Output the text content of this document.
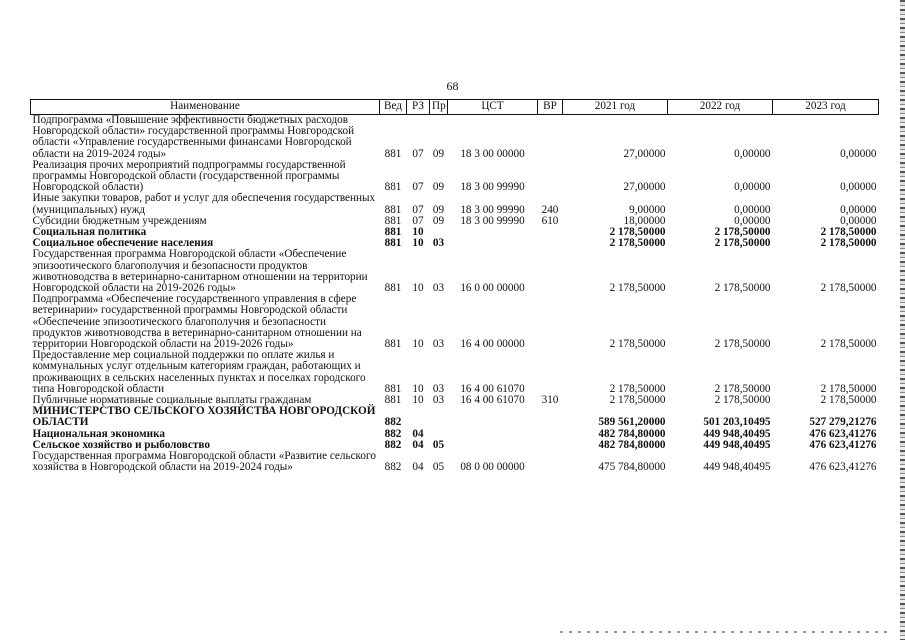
68
Наименование	Вед	РЗ	Пр	ЦСТ	ВР	2021 год	2022 год	2023 год
Подпрограмма «Повышение эффективности бюджетных расходов Новгородской области» государственной программы Новгородской области «Управление государственными финансами Новгородской области на 2019-2024 годы»	881	07	09	18 3 00 00000		27,00000	0,00000	0,00000
Реализация прочих мероприятий подпрограммы государственной программы Новгородской области (государственной программы Новгородской области)	881	07	09	18 3 00 99990		27,00000	0,00000	0,00000
Иные закупки товаров, работ и услуг для обеспечения государственных (муниципальных) нужд	881	07	09	18 3 00 99990	240	9,00000	0,00000	0,00000
Субсидии бюджетным учреждениям	881	07	09	18 3 00 99990	610	18,00000	0,00000	0,00000
Социальная политика	881	10				2 178,50000	2 178,50000	2 178,50000
Социальное обеспечение населения	881	10	03			2 178,50000	2 178,50000	2 178,50000
Государственная программа Новгородской области «Обеспечение эпизоотического благополучия и безопасности продуктов животноводства в ветеринарно-санитарном отношении на территории Новгородской области на 2019-2026 годы»	881	10	03	16 0 00 00000		2 178,50000	2 178,50000	2 178,50000
Подпрограмма «Обеспечение государственного управления в сфере ветеринарии» государственной программы Новгородской области «Обеспечение эпизоотического благополучия и безопасности продуктов животноводства в ветеринарно-санитарном отношении на территории Новгородской области на 2019-2026 годы»	881	10	03	16 4 00 00000		2 178,50000	2 178,50000	2 178,50000
Предоставление мер социальной поддержки по оплате жилья и коммунальных услуг отдельным категориям граждан, работающих и проживающих в сельских населенных пунктах и поселках городского типа Новгородской области	881	10	03	16 4 00 61070		2 178,50000	2 178,50000	2 178,50000
Публичные нормативные социальные выплаты гражданам	881	10	03	16 4 00 61070	310	2 178,50000	2 178,50000	2 178,50000
МИНИСТЕРСТВО СЕЛЬСКОГО ХОЗЯЙСТВА НОВГОРОДСКОЙ ОБЛАСТИ	882					589 561,20000	501 203,10495	527 279,21276
Национальная экономика	882	04				482 784,80000	449 948,40495	476 623,41276
Сельское хозяйство и рыболовство	882	04	05			482 784,80000	449 948,40495	476 623,41276
Государственная программа Новгородской области «Развитие сельского хозяйства в Новгородской области на 2019-2024 годы»	882	04	05	08 0 00 00000		475 784,80000	449 948,40495	476 623,41276
